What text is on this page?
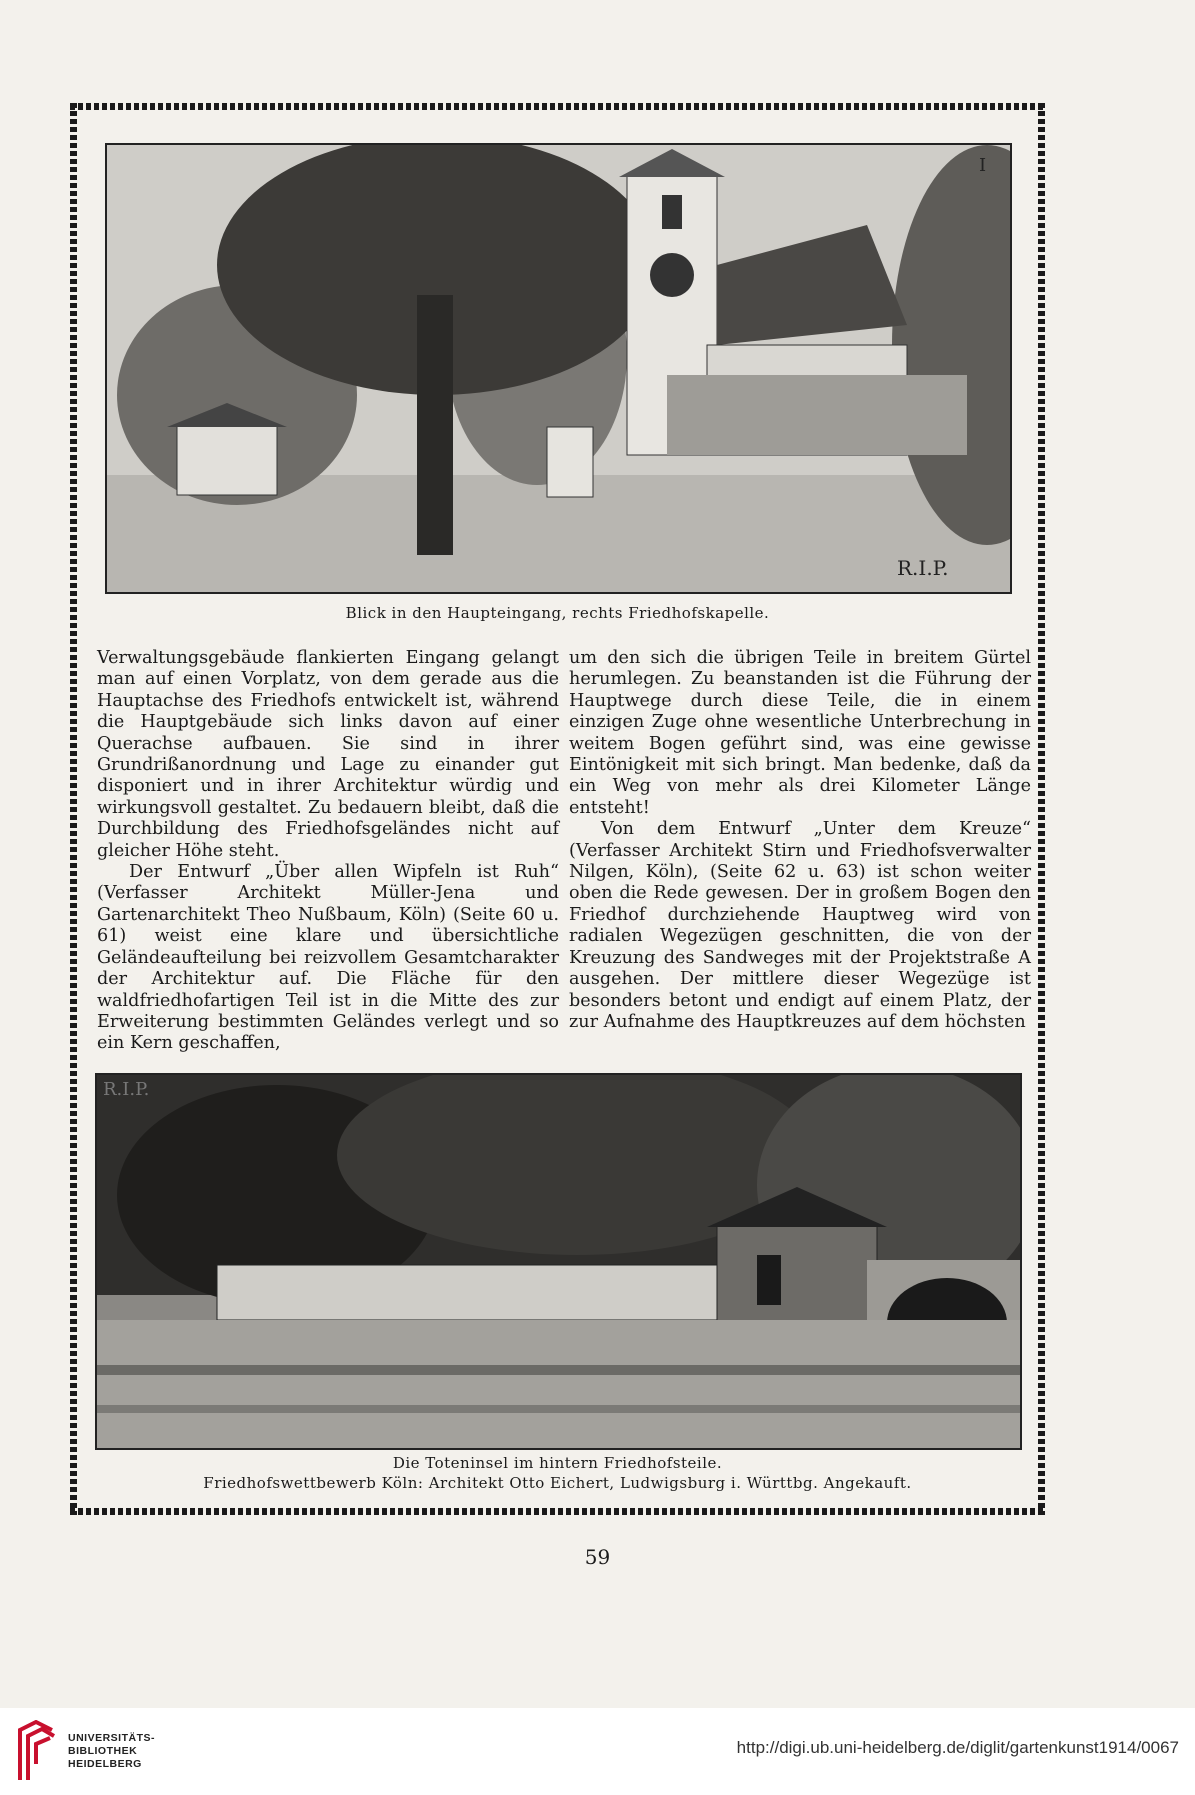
I
R.I.P.
Blick in den Haupteingang, rechts Friedhofskapelle.

Verwaltungsgebäude flankierten Eingang gelangt man auf einen Vorplatz, von dem gerade aus die Hauptachse des Friedhofs entwickelt ist, während die Hauptgebäude sich links davon auf einer Querachse aufbauen. Sie sind in ihrer Grundrißanordnung und Lage zu einander gut disponiert und in ihrer Architektur würdig und wirkungsvoll gestaltet. Zu bedauern bleibt, daß die Durchbildung des Friedhofsgeländes nicht auf gleicher Höhe steht.

Der Entwurf „Über allen Wipfeln ist Ruh“ (Verfasser Architekt Müller-Jena und Gartenarchitekt Theo Nußbaum, Köln) (Seite 60 u. 61) weist eine klare und übersichtliche Geländeaufteilung bei reizvollem Gesamtcharakter der Architektur auf. Die Fläche für den waldfriedhofartigen Teil ist in die Mitte des zur Erweiterung bestimmten Geländes verlegt und so ein Kern geschaffen,

um den sich die übrigen Teile in breitem Gürtel herumlegen. Zu beanstanden ist die Führung der Hauptwege durch diese Teile, die in einem einzigen Zuge ohne wesentliche Unterbrechung in weitem Bogen geführt sind, was eine gewisse Eintönigkeit mit sich bringt. Man bedenke, daß da ein Weg von mehr als drei Kilometer Länge entsteht!

Von dem Entwurf „Unter dem Kreuze“ (Verfasser Architekt Stirn und Friedhofsverwalter Nilgen, Köln), (Seite 62 u. 63) ist schon weiter oben die Rede gewesen. Der in großem Bogen den Friedhof durchziehende Hauptweg wird von radialen Wegezügen geschnitten, die von der Kreuzung des Sandweges mit der Projektstraße A ausgehen. Der mittlere dieser Wegezüge ist besonders betont und endigt auf einem Platz, der zur Aufnahme des Hauptkreuzes auf dem höchsten

R.I.P.
Die Toteninsel im hintern Friedhofsteile.
Friedhofswettbewerb Köln: Architekt Otto Eichert, Ludwigsburg i. Württbg. Angekauft.
59
UNIVERSITÄTS-
BIBLIOTHEK
HEIDELBERG
http://digi.ub.uni-heidelberg.de/diglit/gartenkunst1914/0067
